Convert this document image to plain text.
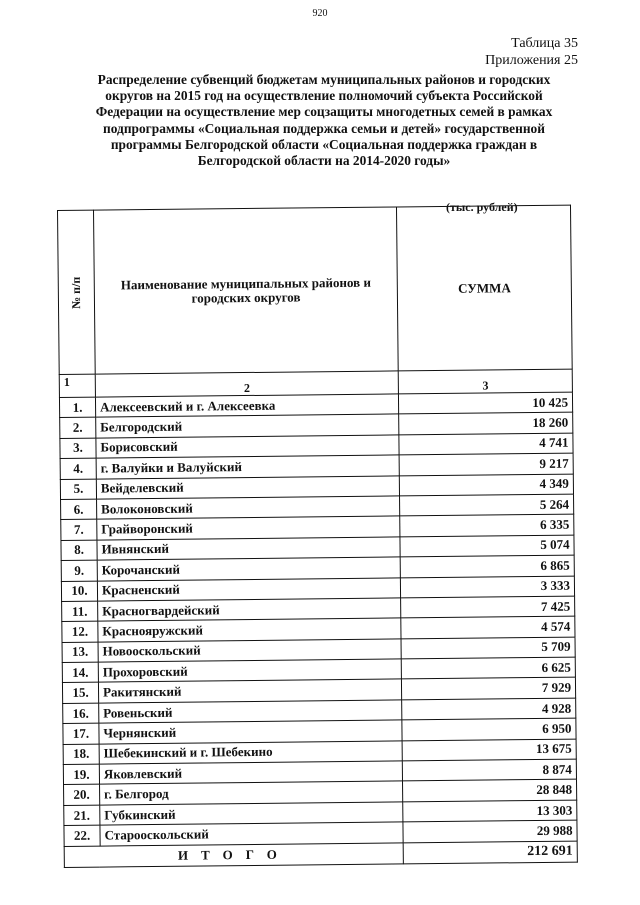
920
Таблица 35
Приложения 25
Распределение субвенций бюджетам муниципальных районов и городских округов на 2015 год на осуществление полномочий субъекта Российской Федерации на осуществление мер соцзащиты многодетных семей в рамках подпрограммы «Социальная поддержка семьи и детей» государственной программы Белгородской области «Социальная поддержка граждан в Белгородской области на 2014-2020 годы»
(тыс. рублей)
№ п/п	Наименование муниципальных районов и городских округов	СУММА
1	2	3
1.	Алексеевский и г. Алексеевка	10 425
2.	Белгородский	18 260
3.	Борисовский	4 741
4.	г. Валуйки и Валуйский	9 217
5.	Вейделевский	4 349
6.	Волоконовский	5 264
7.	Грайворонский	6 335
8.	Ивнянский	5 074
9.	Корочанский	6 865
10.	Красненский	3 333
11.	Красногвардейский	7 425
12.	Краснояружский	4 574
13.	Новооскольский	5 709
14.	Прохоровский	6 625
15.	Ракитянский	7 929
16.	Ровеньский	4 928
17.	Чернянский	6 950
18.	Шебекинский и г. Шебекино	13 675
19.	Яковлевский	8 874
20.	г. Белгород	28 848
21.	Губкинский	13 303
22.	Старооскольский	29 988
ИТОГО		212 691
